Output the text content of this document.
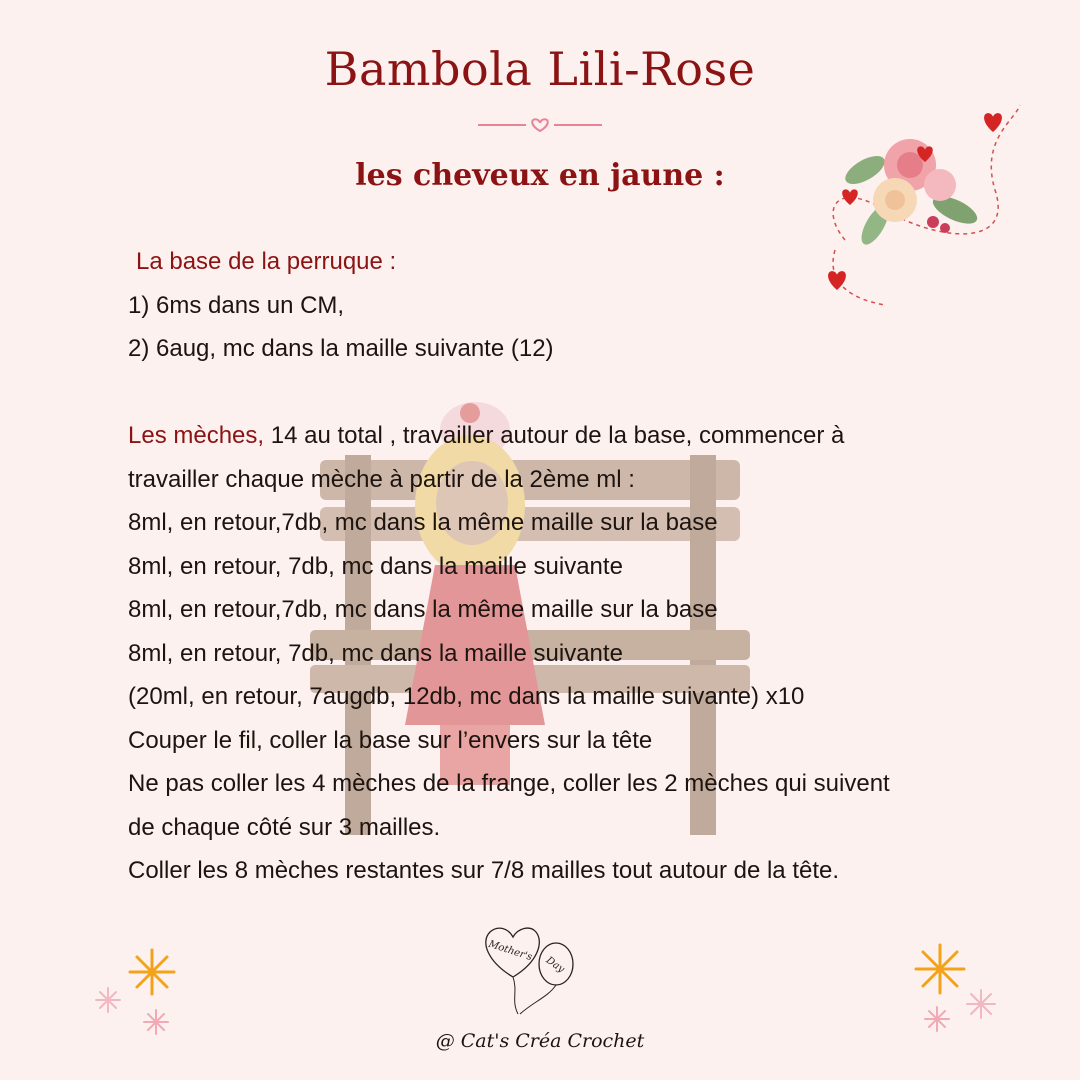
Bambola Lili-Rose
les cheveux en jaune :
La base de la perruque :
1) 6ms dans un CM,
2) 6aug, mc dans la maille suivante (12)
Les mèches, 14 au total , travailler autour de la base, commencer à
travailler chaque mèche à partir de la 2ème ml :
8ml, en retour,7db, mc dans la même maille sur la base
8ml, en retour, 7db, mc dans la maille suivante
8ml, en retour,7db, mc dans la même maille sur la base
8ml, en retour, 7db, mc dans la maille suivante
(20ml, en retour, 7augdb, 12db, mc dans la maille suivante) x10
Couper le fil, coller la base sur l’envers sur la tête
Ne pas coller les 4 mèches de la frange, coller les 2 mèches qui suivent
de chaque côté sur 3 mailles.
Coller les 8 mèches restantes sur 7/8 mailles tout autour de la tête.
Mother's
Day
@ Cat's Créa Crochet
